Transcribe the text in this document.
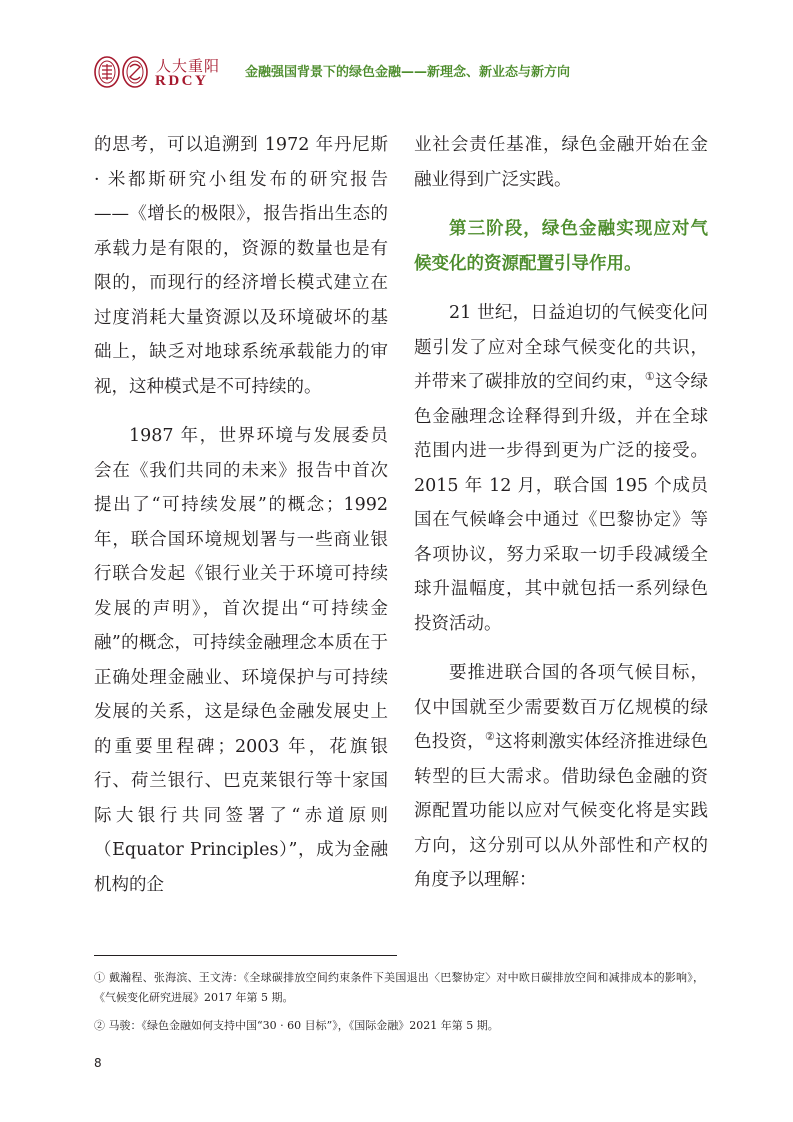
人大重阳
RDCY
金融强国背景下的绿色金融——新理念、新业态与新方向

的思考，可以追溯到 1972 年丹尼斯 · 米都斯研究小组发布的研究报告 ——《增长的极限》，报告指出生态的承载力是有限的，资源的数量也是有限的，而现行的经济增长模式建立在过度消耗大量资源以及环境破坏的基础上，缺乏对地球系统承载能力的审视，这种模式是不可持续的。

1987 年，世界环境与发展委员会在《我们共同的未来》报告中首次提出了“可持续发展”的概念；1992 年，联合国环境规划署与一些商业银行联合发起《银行业关于环境可持续发展的声明》，首次提出“可持续金融”的概念，可持续金融理念本质在于正确处理金融业、环境保护与可持续发展的关系，这是绿色金融发展史上的重要里程碑；2003 年，花旗银行、荷兰银行、巴克莱银行等十家国际大银行共同签署了“赤道原则（Equator Principles）”，成为金融机构的企

业社会责任基准，绿色金融开始在金融业得到广泛实践。

第三阶段，绿色金融实现应对气候变化的资源配置引导作用。

21 世纪，日益迫切的气候变化问题引发了应对全球气候变化的共识，并带来了碳排放的空间约束，①这令绿色金融理念诠释得到升级，并在全球范围内进一步得到更为广泛的接受。2015 年 12 月，联合国 195 个成员国在气候峰会中通过《巴黎协定》等各项协议，努力采取一切手段减缓全球升温幅度，其中就包括一系列绿色投资活动。

要推进联合国的各项气候目标，仅中国就至少需要数百万亿规模的绿色投资，②这将刺激实体经济推进绿色转型的巨大需求。借助绿色金融的资源配置功能以应对气候变化将是实践方向，这分别可以从外部性和产权的角度予以理解：

① 戴瀚程、张海滨、王文涛：《全球碳排放空间约束条件下美国退出〈巴黎协定〉对中欧日碳排放空间和减排成本的影响》，《气候变化研究进展》2017 年第 5 期。

② 马骏：《绿色金融如何支持中国“30 · 60 目标”》，《国际金融》2021 年第 5 期。

8
